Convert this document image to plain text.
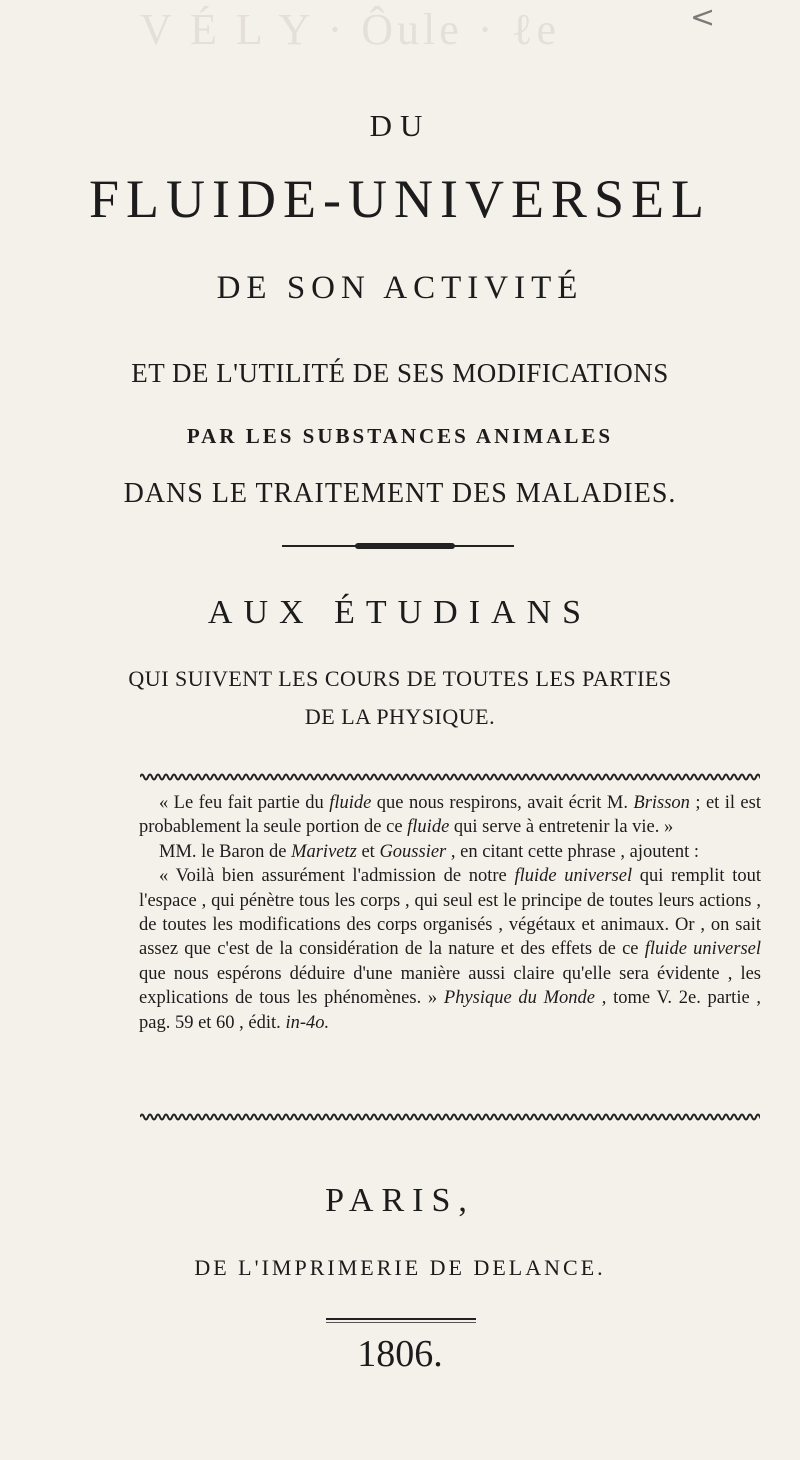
V É L Y · Ôule · ℓe	<
DU
FLUIDE-UNIVERSEL
DE SON ACTIVITÉ
ET DE L'UTILITÉ DE SES MODIFICATIONS
PAR LES SUBSTANCES ANIMALES
DANS LE TRAITEMENT DES MALADIES.
AUX ÉTUDIANS
QUI SUIVENT LES COURS DE TOUTES LES PARTIES
DE LA PHYSIQUE.

« Le feu fait partie du fluide que nous respirons, avait écrit M. Brisson ; et il est probablement la seule portion de ce fluide qui serve à entretenir la vie. »

MM. le Baron de Marivetz et Goussier , en citant cette phrase , ajoutent :

« Voilà bien assurément l'admission de notre fluide universel qui remplit tout l'espace , qui pénètre tous les corps , qui seul est le principe de toutes leurs actions , de toutes les modifications des corps organisés , végétaux et animaux. Or , on sait assez que c'est de la considération de la nature et des effets de ce fluide universel que nous espérons déduire d'une manière aussi claire qu'elle sera évidente , les explications de tous les phénomènes. » Physique du Monde , tome V. 2e. partie , pag. 59 et 60 , édit. in-4o.

PARIS,
DE L'IMPRIMERIE DE DELANCE.
1806.
